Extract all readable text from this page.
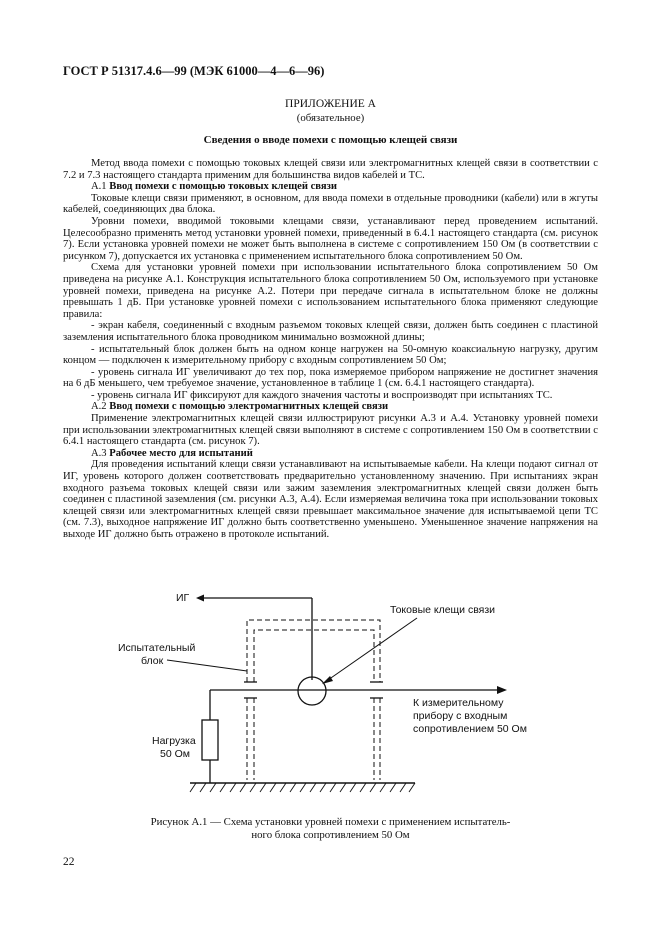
ГОСТ Р 51317.4.6—99 (МЭК 61000—4—6—96)
ПРИЛОЖЕНИЕ А
(обязательное)
Сведения о вводе помехи с помощью клещей связи

Метод ввода помехи с помощью токовых клещей связи или электромагнитных клещей связи в соответствии с 7.2 и 7.3 настоящего стандарта применим для большинства видов кабелей и ТС.

А.1 Ввод помехи с помощью токовых клещей связи

Токовые клещи связи применяют, в основном, для ввода помехи в отдельные проводники (кабели) или в жгуты кабелей, соединяющих два блока.

Уровни помехи, вводимой токовыми клещами связи, устанавливают перед проведением испытаний. Целесообразно применять метод установки уровней помехи, приведенный в 6.4.1 настоящего стандарта (см. рисунок 7). Если установка уровней помехи не может быть выполнена в системе с сопротивлением 150 Ом (в соответствии с рисунком 7), допускается их установка с применением испытательного блока сопротивлением 50 Ом.

Схема для установки уровней помехи при использовании испытательного блока сопротивлением 50 Ом приведена на рисунке А.1. Конструкция испытательного блока сопротивлением 50 Ом, используемого при установке уровней помехи, приведена на рисунке А.2. Потери при передаче сигнала в испытательном блоке не должны превышать 1 дБ. При установке уровней помехи с использованием испытательного блока применяют следующие правила:

- экран кабеля, соединенный с входным разъемом токовых клещей связи, должен быть соединен с пластиной заземления испытательного блока проводником минимально возможной длины;

- испытательный блок должен быть на одном конце нагружен на 50-омную коаксиальную нагрузку, другим концом — подключен к измерительному прибору с входным сопротивлением 50 Ом;

- уровень сигнала ИГ увеличивают до тех пор, пока измеряемое прибором напряжение не достигнет значения на 6 дБ меньшего, чем требуемое значение, установленное в таблице 1 (см. 6.4.1 настоящего стандарта).

- уровень сигнала ИГ фиксируют для каждого значения частоты и воспроизводят при испытаниях ТС.

А.2 Ввод помехи с помощью электромагнитных клещей связи

Применение электромагнитных клещей связи иллюстрируют рисунки А.3 и А.4. Установку уровней помехи при использовании электромагнитных клещей связи выполняют в системе с сопротивлением 150 Ом в соответствии с 6.4.1 настоящего стандарта (см. рисунок 7).

А.3 Рабочее место для испытаний

Для проведения испытаний клещи связи устанавливают на испытываемые кабели. На клещи подают сигнал от ИГ, уровень которого должен соответствовать предварительно установленному значению. При испытаниях экран входного разъема токовых клещей связи или зажим заземления электромагнитных клещей связи должен быть соединен с пластиной заземления (см. рисунки А.3, А.4). Если измеряемая величина тока при использовании токовых клещей связи или электромагнитных клещей связи превышает максимальное значение для испытываемой цепи ТС (см. 7.3), выходное напряжение ИГ должно быть соответственно уменьшено. Уменьшенное значение напряжения на выходе ИГ должно быть отражено в протоколе испытаний.

ИГ
Токовые клещи связи
Испытательный
блок
К измерительному
прибору с входным
сопротивлением 50 Ом
Нагрузка
50 Ом
Рисунок А.1 — Схема установки уровней помехи с применением испытатель-
ного блока сопротивлением 50 Ом
22
